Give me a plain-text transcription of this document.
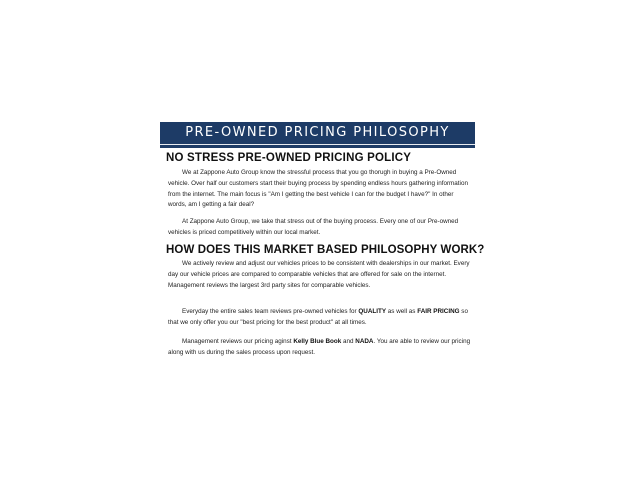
PRE-OWNED PRICING PHILOSOPHY
NO STRESS PRE-OWNED PRICING POLICY

We at Zappone Auto Group know the stressful process that you go thorugh in buying a Pre-Owned vehicle. Over half our customers start their buying process by spending endless hours gathering information from the internet. The main focus is "Am I getting the best vehicle I can for the budget I have?" In other words, am I getting a fair deal?

At Zappone Auto Group, we take that stress out of the buying process. Every one of our Pre-owned vehicles is priced competitively within our local market.

HOW DOES THIS MARKET BASED PHILOSOPHY WORK?

We actively review and adjust our vehicles prices to be consistent with dealerships in our market. Every day our vehicle prices are compared to comparable vehicles that are offered for sale on the internet. Management reviews the largest 3rd party sites for comparable vehicles.

Everyday the entire sales team reviews pre-owned vehicles for QUALITY as well as FAIR PRICING so that we only offer you our "best pricing for the best product" at all times.

Management reviews our pricing aginst Kelly Blue Book and NADA. You are able to review our pricing along with us during the sales process upon request.
